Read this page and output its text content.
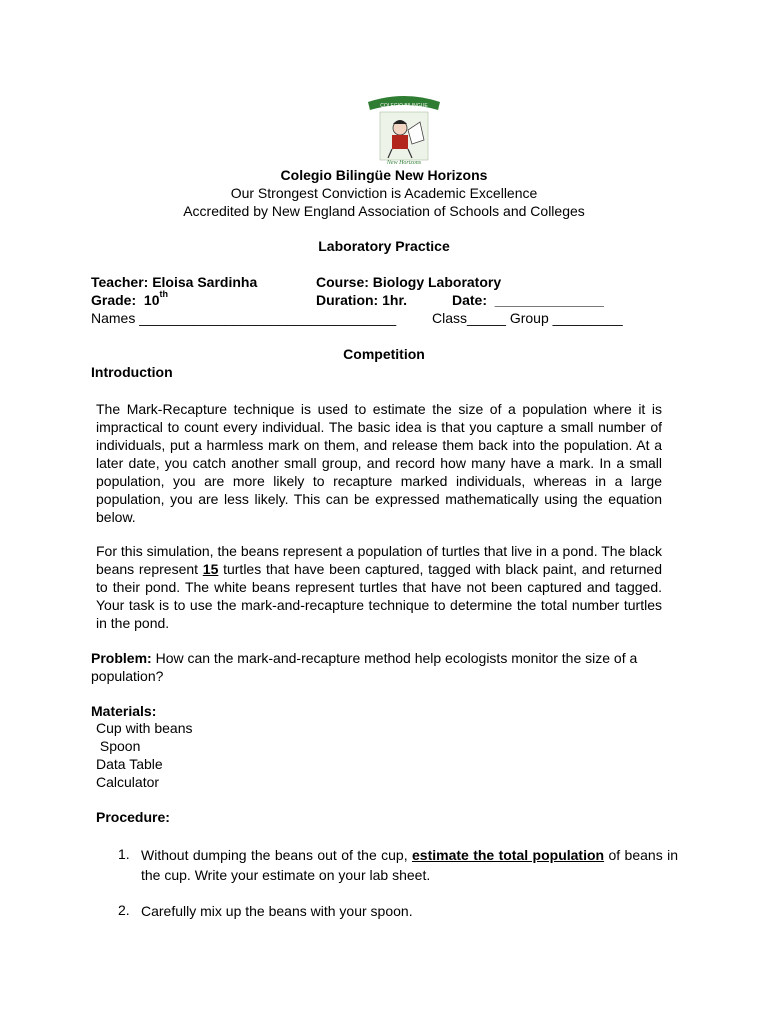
COLEGIO BILINGUE
New Horizons
Colegio Bilingüe New Horizons
Our Strongest Conviction is Academic Excellence
Accredited by New England Association of Schools and Colleges
Laboratory Practice
Teacher: Eloisa Sardinha	Course: Biology Laboratory
Grade:  10th	Duration: 1hr.	Date:  ______________
Names _________________________________	Class_____ Group _________
Competition
Introduction

The Mark-Recapture technique is used to estimate the size of a population where it is impractical to count every individual. The basic idea is that you capture a small number of individuals, put a harmless mark on them, and release them back into the population. At a later date, you catch another small group, and record how many have a mark. In a small population, you are more likely to recapture marked individuals, whereas in a large population, you are less likely. This can be expressed mathematically using the equation below.

For this simulation, the beans represent a population of turtles that live in a pond. The black beans represent 15 turtles that have been captured, tagged with black paint, and returned to their pond. The white beans represent turtles that have not been captured and tagged. Your task is to use the mark-and-recapture technique to determine the total number turtles in the pond.

Problem: How can the mark-and-recapture method help ecologists monitor the size of a population?
Materials:
Cup with beans
Spoon
Data Table
Calculator
Procedure:
1. Without dumping the beans out of the cup, estimate the total population of beans in the cup. Write your estimate on your lab sheet.
2. Carefully mix up the beans with your spoon.
